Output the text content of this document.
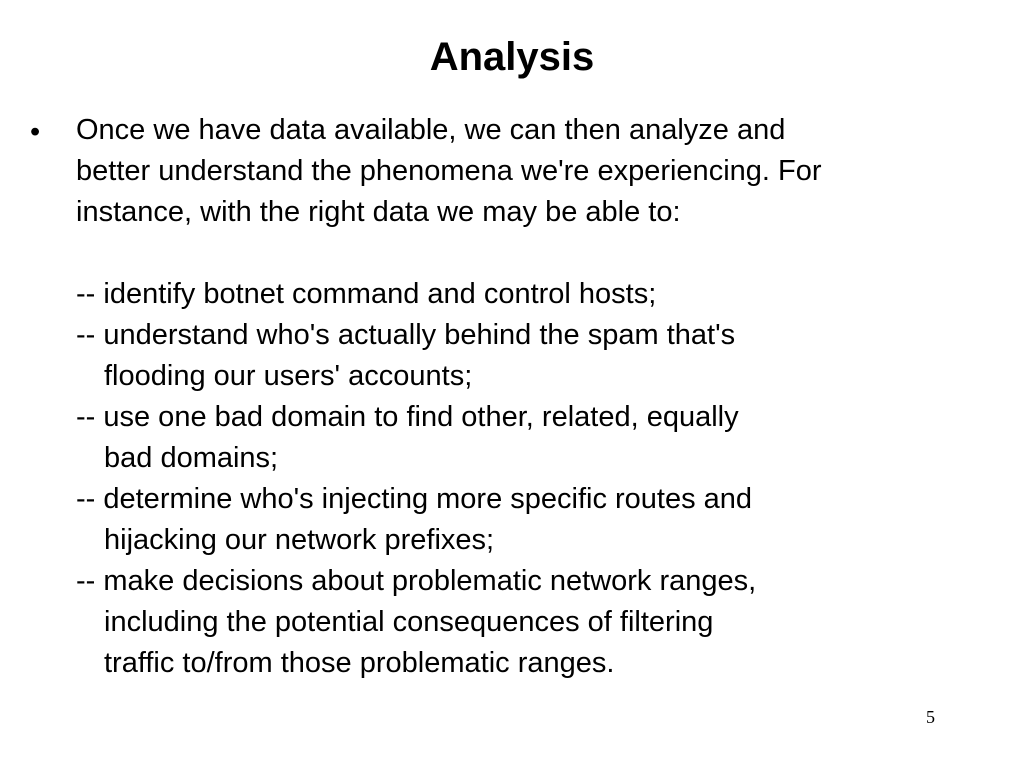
Analysis
• Once we have data available, we can then analyze and
better understand the phenomena we're experiencing. For
instance, with the right data we may be able to:
-- identify botnet command and control hosts;
-- understand who's actually behind the spam that's
flooding our users' accounts;
-- use one bad domain to find other, related, equally
bad domains;
-- determine who's injecting more specific routes and
hijacking our network prefixes;
-- make decisions about problematic network ranges,
including the potential consequences of filtering
traffic to/from those problematic ranges.
5
